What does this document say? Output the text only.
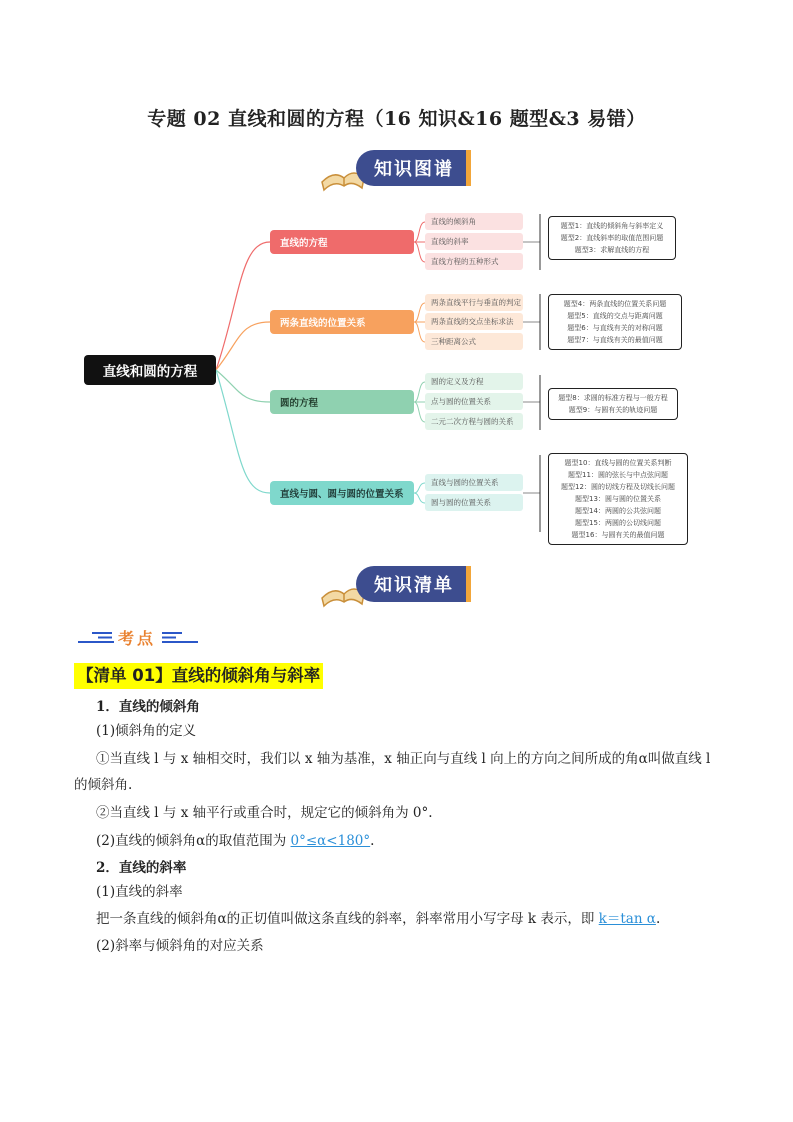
专题 02 直线和圆的方程（16 知识&16 题型&3 易错）
知识图谱
直线和圆的方程
直线的方程
两条直线的位置关系
圆的方程
直线与圆、圆与圆的位置关系
直线的倾斜角
直线的斜率
直线方程的五种形式
两条直线平行与垂直的判定
两条直线的交点坐标求法
三种距离公式
圆的定义及方程
点与圆的位置关系
二元二次方程与圆的关系
直线与圆的位置关系
圆与圆的位置关系
题型1：直线的倾斜角与斜率定义
题型2：直线斜率的取值范围问题
题型3：求解直线的方程
题型4：两条直线的位置关系问题
题型5：直线的交点与距离问题
题型6：与直线有关的对称问题
题型7：与直线有关的最值问题
题型8：求圆的标准方程与一般方程
题型9：与圆有关的轨迹问题
题型10：直线与圆的位置关系判断
题型11：圆的弦长与中点弦问题
题型12：圆的切线方程及切线长问题
题型13：圆与圆的位置关系
题型14：两圆的公共弦问题
题型15：两圆的公切线问题
题型16：与圆有关的最值问题
知识清单
考点
【清单 01】直线的倾斜角与斜率
1．直线的倾斜角
(1)倾斜角的定义
①当直线 l 与 x 轴相交时，我们以 x 轴为基准，x 轴正向与直线 l 向上的方向之间所成的角α叫做直线 l
的倾斜角.
②当直线 l 与 x 轴平行或重合时，规定它的倾斜角为 0°.
(2)直线的倾斜角α的取值范围为 0°≤α<180°.
2．直线的斜率
(1)直线的斜率
把一条直线的倾斜角α的正切值叫做这条直线的斜率，斜率常用小写字母 k 表示，即 k＝tan α.
(2)斜率与倾斜角的对应关系
